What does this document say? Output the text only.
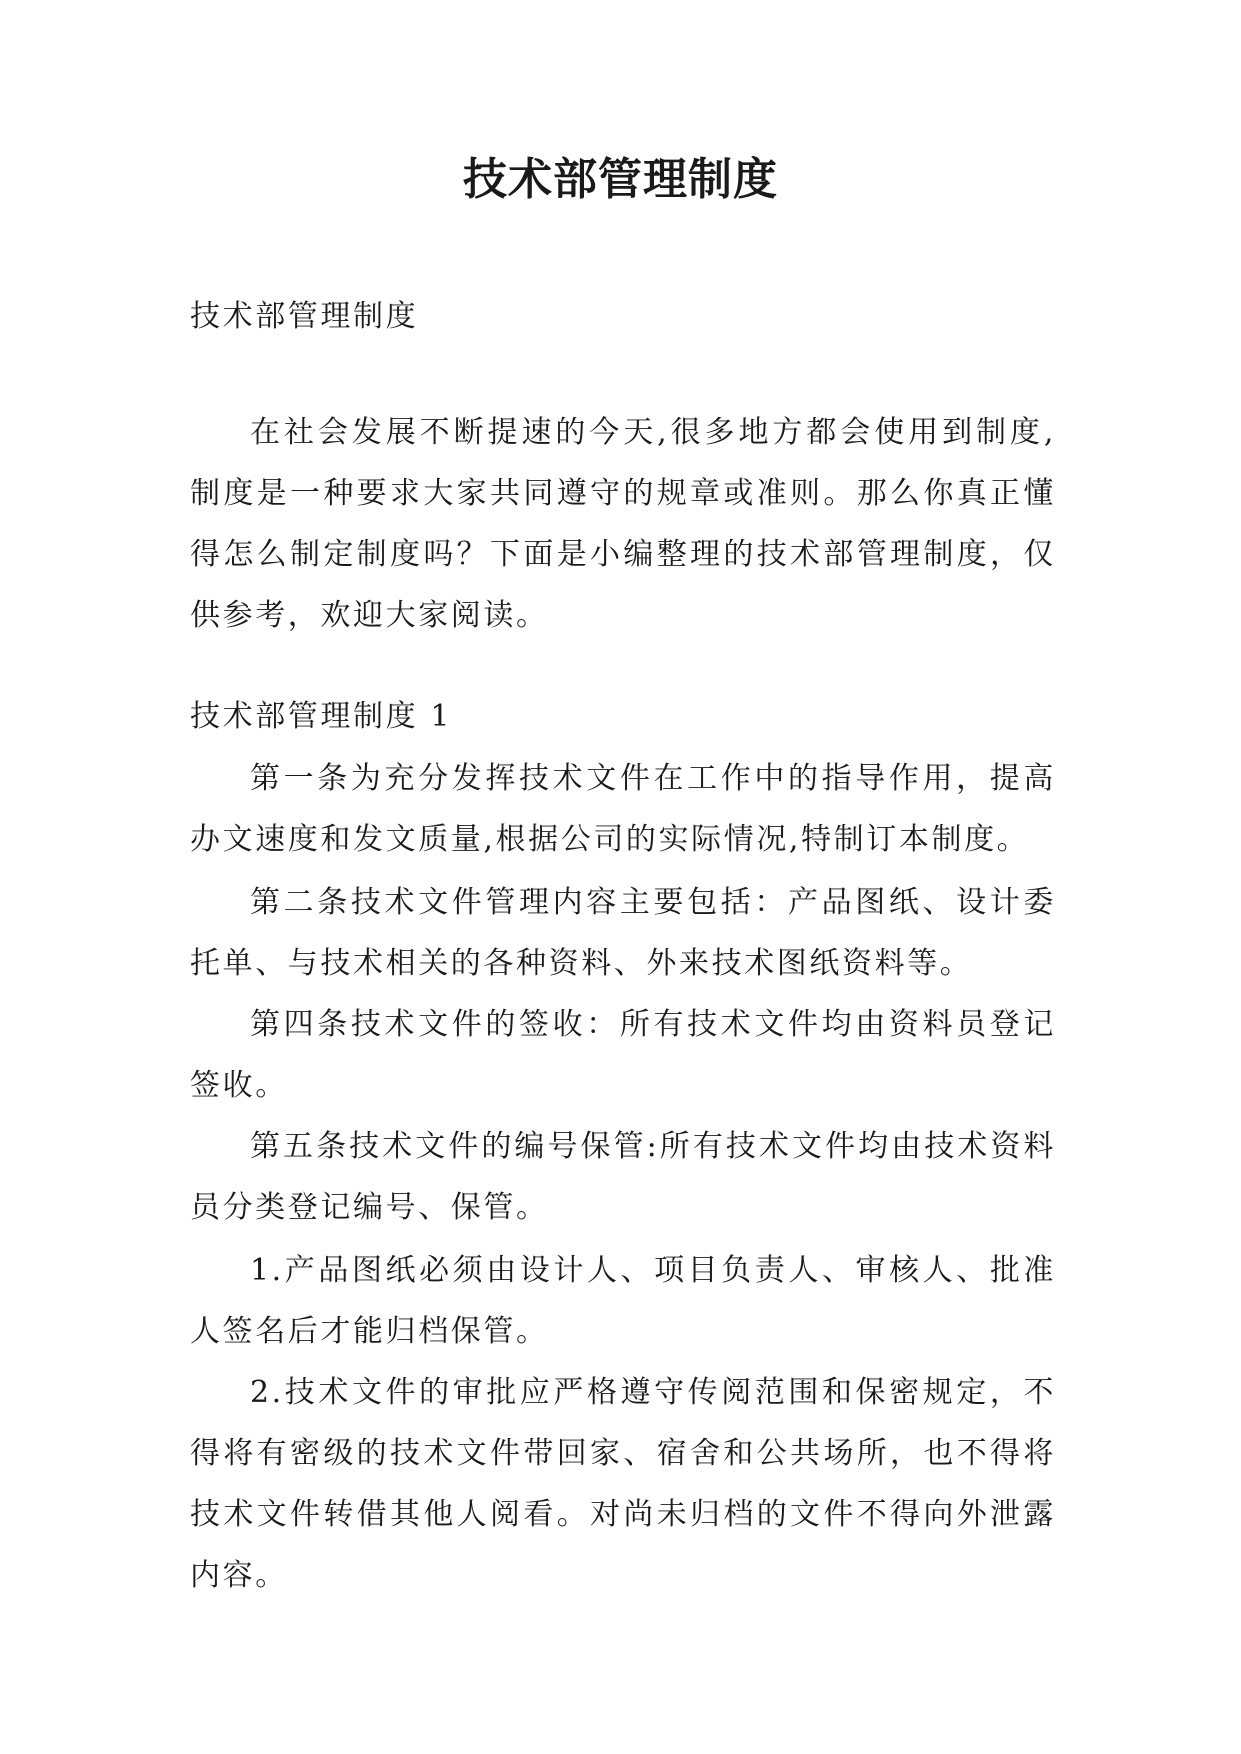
技术部管理制度

技术部管理制度

在社会发展不断提速的今天,很多地方都会使用到制度,制度是一种要求大家共同遵守的规章或准则。那么你真正懂得怎么制定制度吗？下面是小编整理的技术部管理制度，仅供参考，欢迎大家阅读。

技术部管理制度 1

第一条为充分发挥技术文件在工作中的指导作用，提高办文速度和发文质量,根据公司的实际情况,特制订本制度。

第二条技术文件管理内容主要包括：产品图纸、设计委托单、与技术相关的各种资料、外来技术图纸资料等。

第四条技术文件的签收：所有技术文件均由资料员登记签收。

第五条技术文件的编号保管:所有技术文件均由技术资料员分类登记编号、保管。

1.产品图纸必须由设计人、项目负责人、审核人、批准人签名后才能归档保管。

2.技术文件的审批应严格遵守传阅范围和保密规定，不得将有密级的技术文件带回家、宿舍和公共场所，也不得将技术文件转借其他人阅看。对尚未归档的文件不得向外泄露内容。
